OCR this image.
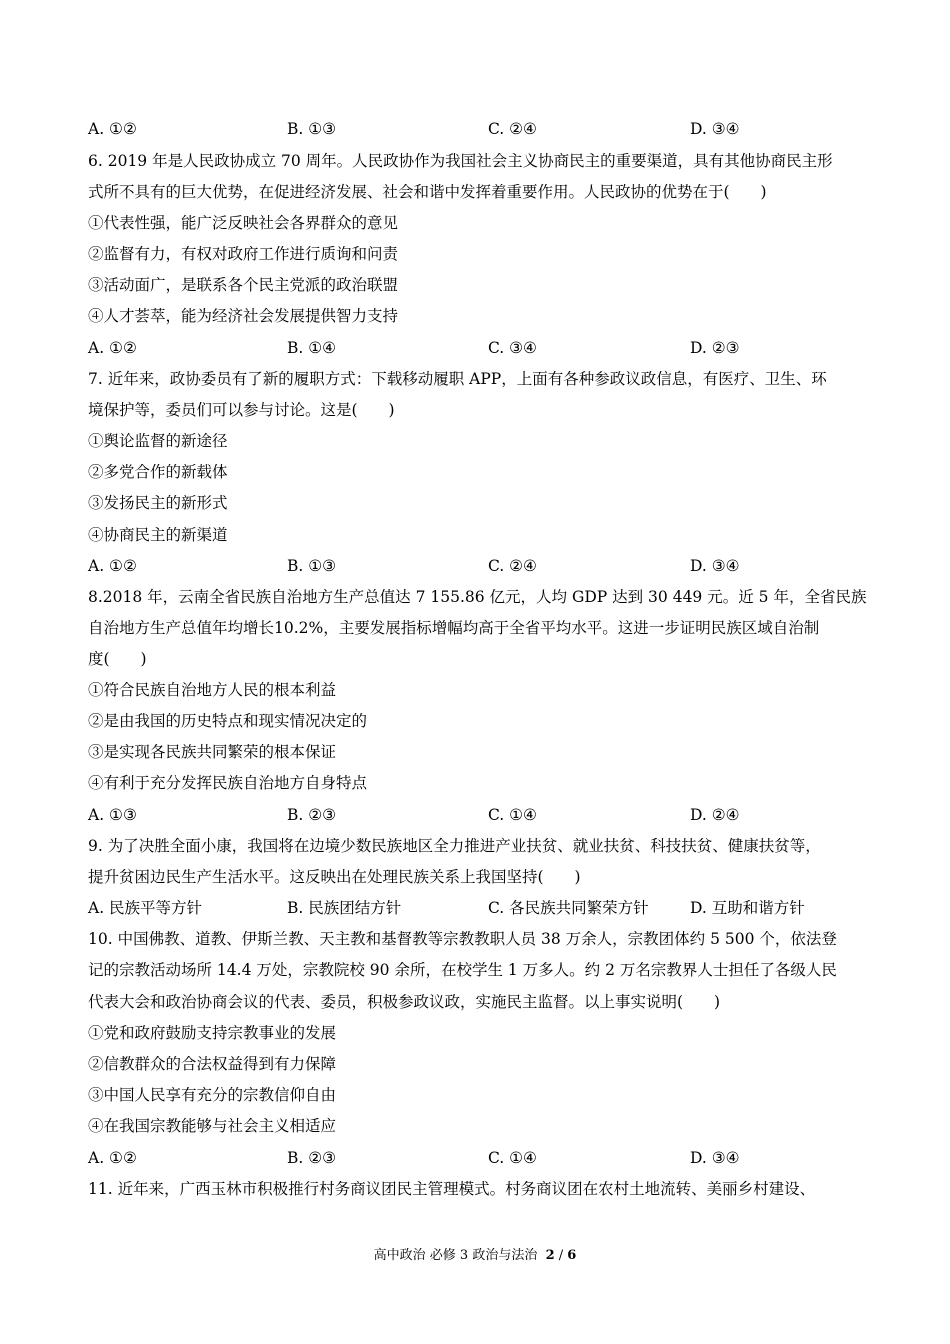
A. ①②	B. ①③	C. ②④	D. ③④
6. 2019 年是人民政协成立 70 周年。人民政协作为我国社会主义协商民主的重要渠道，具有其他协商民主形
式所不具有的巨大优势，在促进经济发展、社会和谐中发挥着重要作用。人民政协的优势在于(　　)
①代表性强，能广泛反映社会各界群众的意见
②监督有力，有权对政府工作进行质询和问责
③活动面广，是联系各个民主党派的政治联盟
④人才荟萃，能为经济社会发展提供智力支持
A. ①②	B. ①④	C. ③④	D. ②③
7. 近年来，政协委员有了新的履职方式：下载移动履职 APP，上面有各种参政议政信息，有医疗、卫生、环
境保护等，委员们可以参与讨论。这是(　　)
①舆论监督的新途径
②多党合作的新载体
③发扬民主的新形式
④协商民主的新渠道
A. ①②	B. ①③	C. ②④	D. ③④
8.2018 年，云南全省民族自治地方生产总值达 7 155.86 亿元，人均 GDP 达到 30 449 元。近 5 年，全省民族
自治地方生产总值年均增长10.2%，主要发展指标增幅均高于全省平均水平。这进一步证明民族区域自治制
度(　　)
①符合民族自治地方人民的根本利益
②是由我国的历史特点和现实情况决定的
③是实现各民族共同繁荣的根本保证
④有利于充分发挥民族自治地方自身特点
A. ①③	B. ②③	C. ①④	D. ②④
9. 为了决胜全面小康，我国将在边境少数民族地区全力推进产业扶贫、就业扶贫、科技扶贫、健康扶贫等，
提升贫困边民生产生活水平。这反映出在处理民族关系上我国坚持(　　)
A. 民族平等方针	B. 民族团结方针	C. 各民族共同繁荣方针	D. 互助和谐方针
10. 中国佛教、道教、伊斯兰教、天主教和基督教等宗教教职人员 38 万余人，宗教团体约 5 500 个，依法登
记的宗教活动场所 14.4 万处，宗教院校 90 余所，在校学生 1 万多人。约 2 万名宗教界人士担任了各级人民
代表大会和政治协商会议的代表、委员，积极参政议政，实施民主监督。以上事实说明(　　)
①党和政府鼓励支持宗教事业的发展
②信教群众的合法权益得到有力保障
③中国人民享有充分的宗教信仰自由
④在我国宗教能够与社会主义相适应
A. ①②	B. ②③	C. ①④	D. ③④
11. 近年来，广西玉林市积极推行村务商议团民主管理模式。村务商议团在农村土地流转、美丽乡村建设、
高中政治 必修 3 政治与法治 2 / 6
